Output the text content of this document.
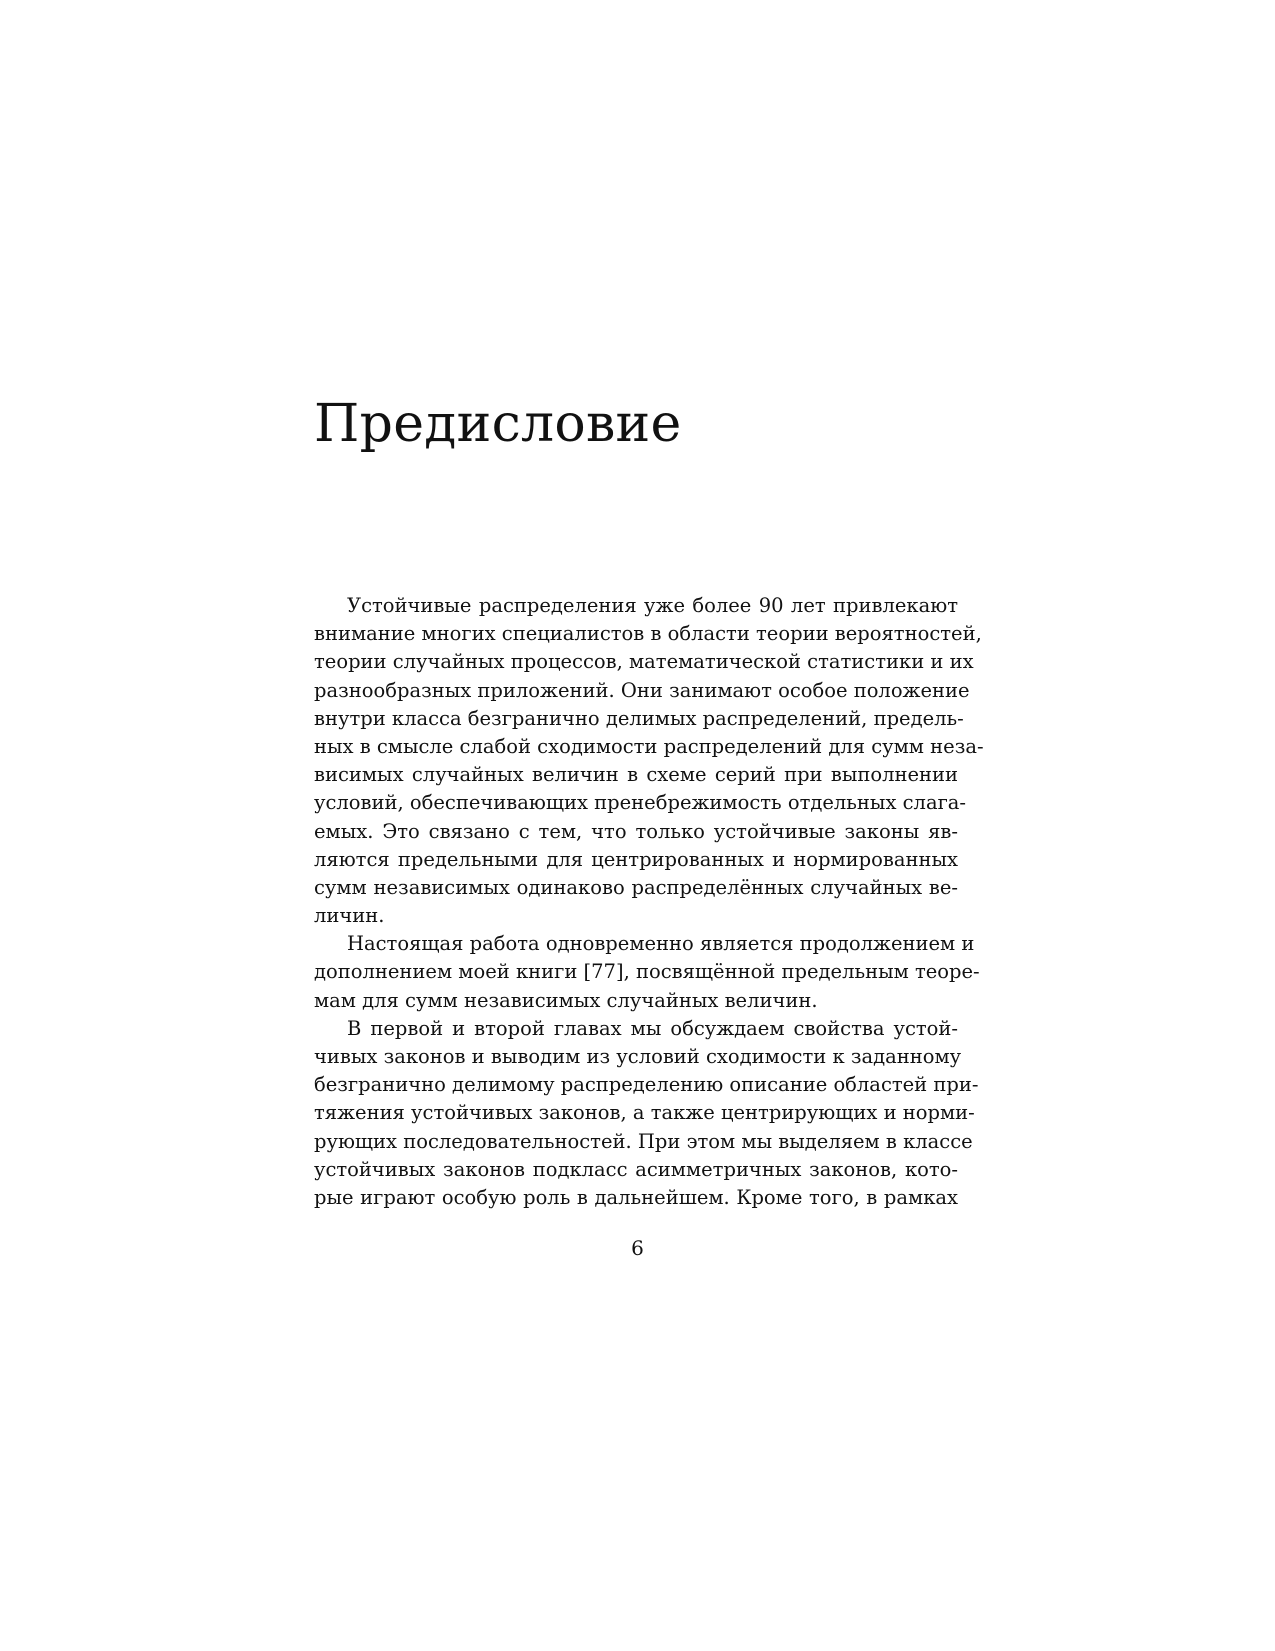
Предисловие
Устойчивые распределения уже более 90 лет привлекают
внимание многих специалистов в области теории вероятностей,
теории случайных процессов, математической статистики и их
разнообразных приложений. Они занимают особое положение
внутри класса безгранично делимых распределений, предель-
ных в смысле слабой сходимости распределений для сумм неза-
висимых случайных величин в схеме серий при выполнении
условий, обеспечивающих пренебрежимость отдельных слага-
емых. Это связано с тем, что только устойчивые законы яв-
ляются предельными для центрированных и нормированных
сумм независимых одинаково распределённых случайных ве-
личин.
Настоящая работа одновременно является продолжением и
дополнением моей книги [77], посвящённой предельным теоре-
мам для сумм независимых случайных величин.
В первой и второй главах мы обсуждаем свойства устой-
чивых законов и выводим из условий сходимости к заданному
безгранично делимому распределению описание областей при-
тяжения устойчивых законов, а также центрирующих и норми-
рующих последовательностей. При этом мы выделяем в классе
устойчивых законов подкласс асимметричных законов, кото-
рые играют особую роль в дальнейшем. Кроме того, в рамках
6
